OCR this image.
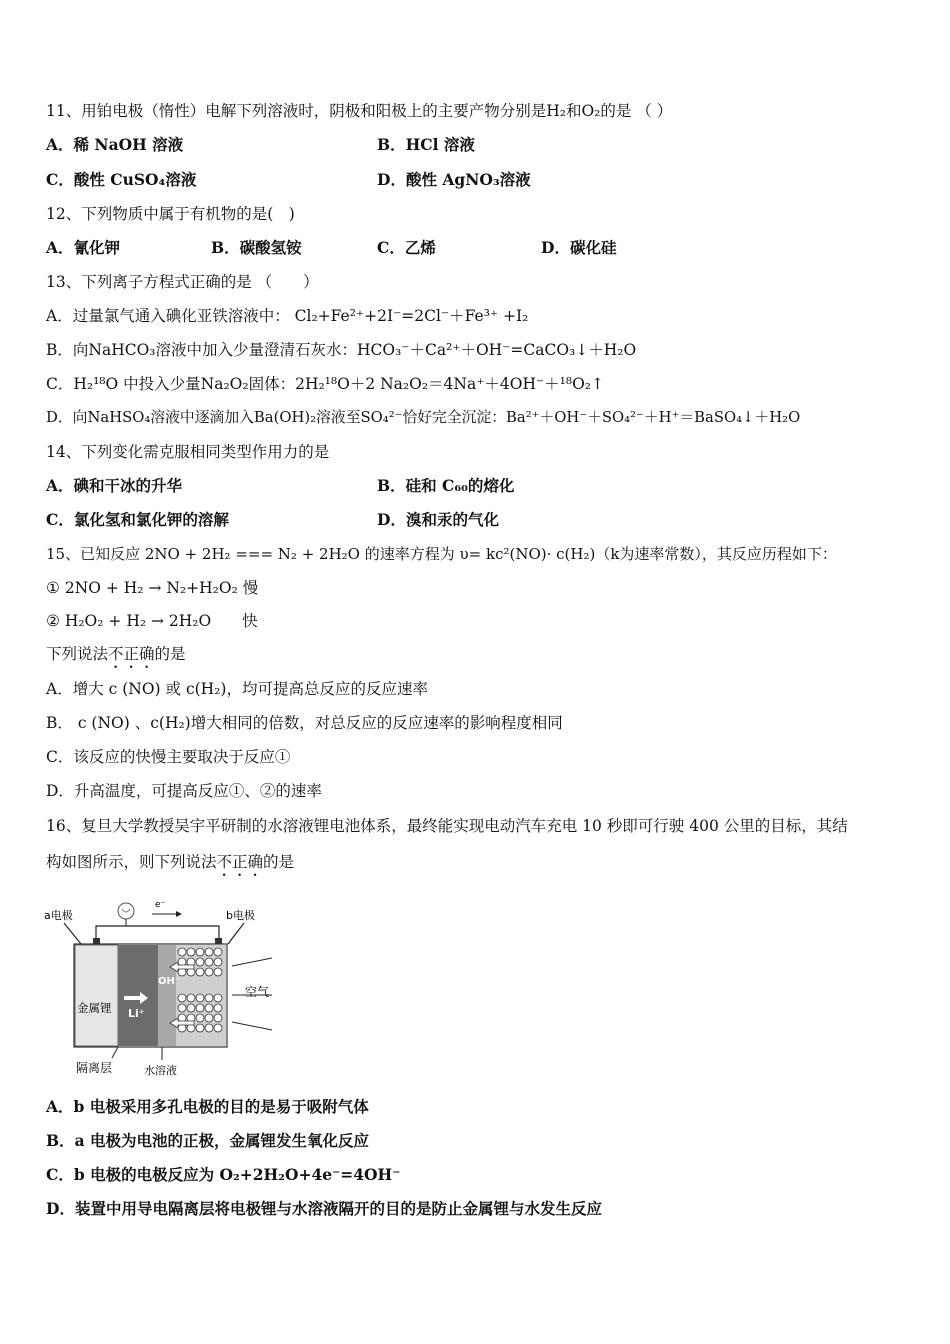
11、用铂电极（惰性）电解下列溶液时，阴极和阳极上的主要产物分别是H₂和O₂的是 （ ）
A．稀 NaOH 溶液	B．HCl 溶液
C．酸性 CuSO₄溶液	D．酸性 AgNO₃溶液
12、下列物质中属于有机物的是(　)
A．氰化钾	B．碳酸氢铵	C．乙烯	D．碳化硅
13、下列离子方程式正确的是 （　　）
A．过量氯气通入碘化亚铁溶液中： Cl₂+Fe²⁺+2I⁻=2Cl⁻＋Fe³⁺ +I₂
B．向NaHCO₃溶液中加入少量澄清石灰水：HCO₃⁻＋Ca²⁺＋OH⁻=CaCO₃↓＋H₂O
C．H₂¹⁸O 中投入少量Na₂O₂固体：2H₂¹⁸O＋2 Na₂O₂＝4Na⁺＋4OH⁻＋¹⁸O₂↑
D．向NaHSO₄溶液中逐滴加入Ba(OH)₂溶液至SO₄²⁻恰好完全沉淀：Ba²⁺＋OH⁻＋SO₄²⁻＋H⁺＝BaSO₄↓＋H₂O
14、下列变化需克服相同类型作用力的是
A．碘和干冰的升华	B．硅和 C₆₀的熔化
C．氯化氢和氯化钾的溶解	D．溴和汞的气化
15、已知反应 2NO + 2H₂ === N₂ + 2H₂O 的速率方程为 υ= kc²(NO)· c(H₂)（k为速率常数），其反应历程如下：
① 2NO + H₂ → N₂+H₂O₂ 慢
② H₂O₂ + H₂ → 2H₂O　　快
下列说法不正确的是
A．增大 c (NO) 或 c(H₂)，均可提高总反应的反应速率
B． c (NO) 、c(H₂)增大相同的倍数，对总反应的反应速率的影响程度相同
C．该反应的快慢主要取决于反应①
D．升高温度，可提高反应①、②的速率
16、复旦大学教授吴宇平研制的水溶液锂电池体系，最终能实现电动汽车充电 10 秒即可行驶 400 公里的目标，其结
构如图所示，则下列说法不正确的是
e⁻
a电极	b电极
金属锂 Li⁺
OH⁻
空气
隔离层	水溶液
A．b 电极采用多孔电极的目的是易于吸附气体
B．a 电极为电池的正极，金属锂发生氧化反应
C．b 电极的电极反应为 O₂+2H₂O+4e⁻=4OH⁻
D．装置中用导电隔离层将电极锂与水溶液隔开的目的是防止金属锂与水发生反应
